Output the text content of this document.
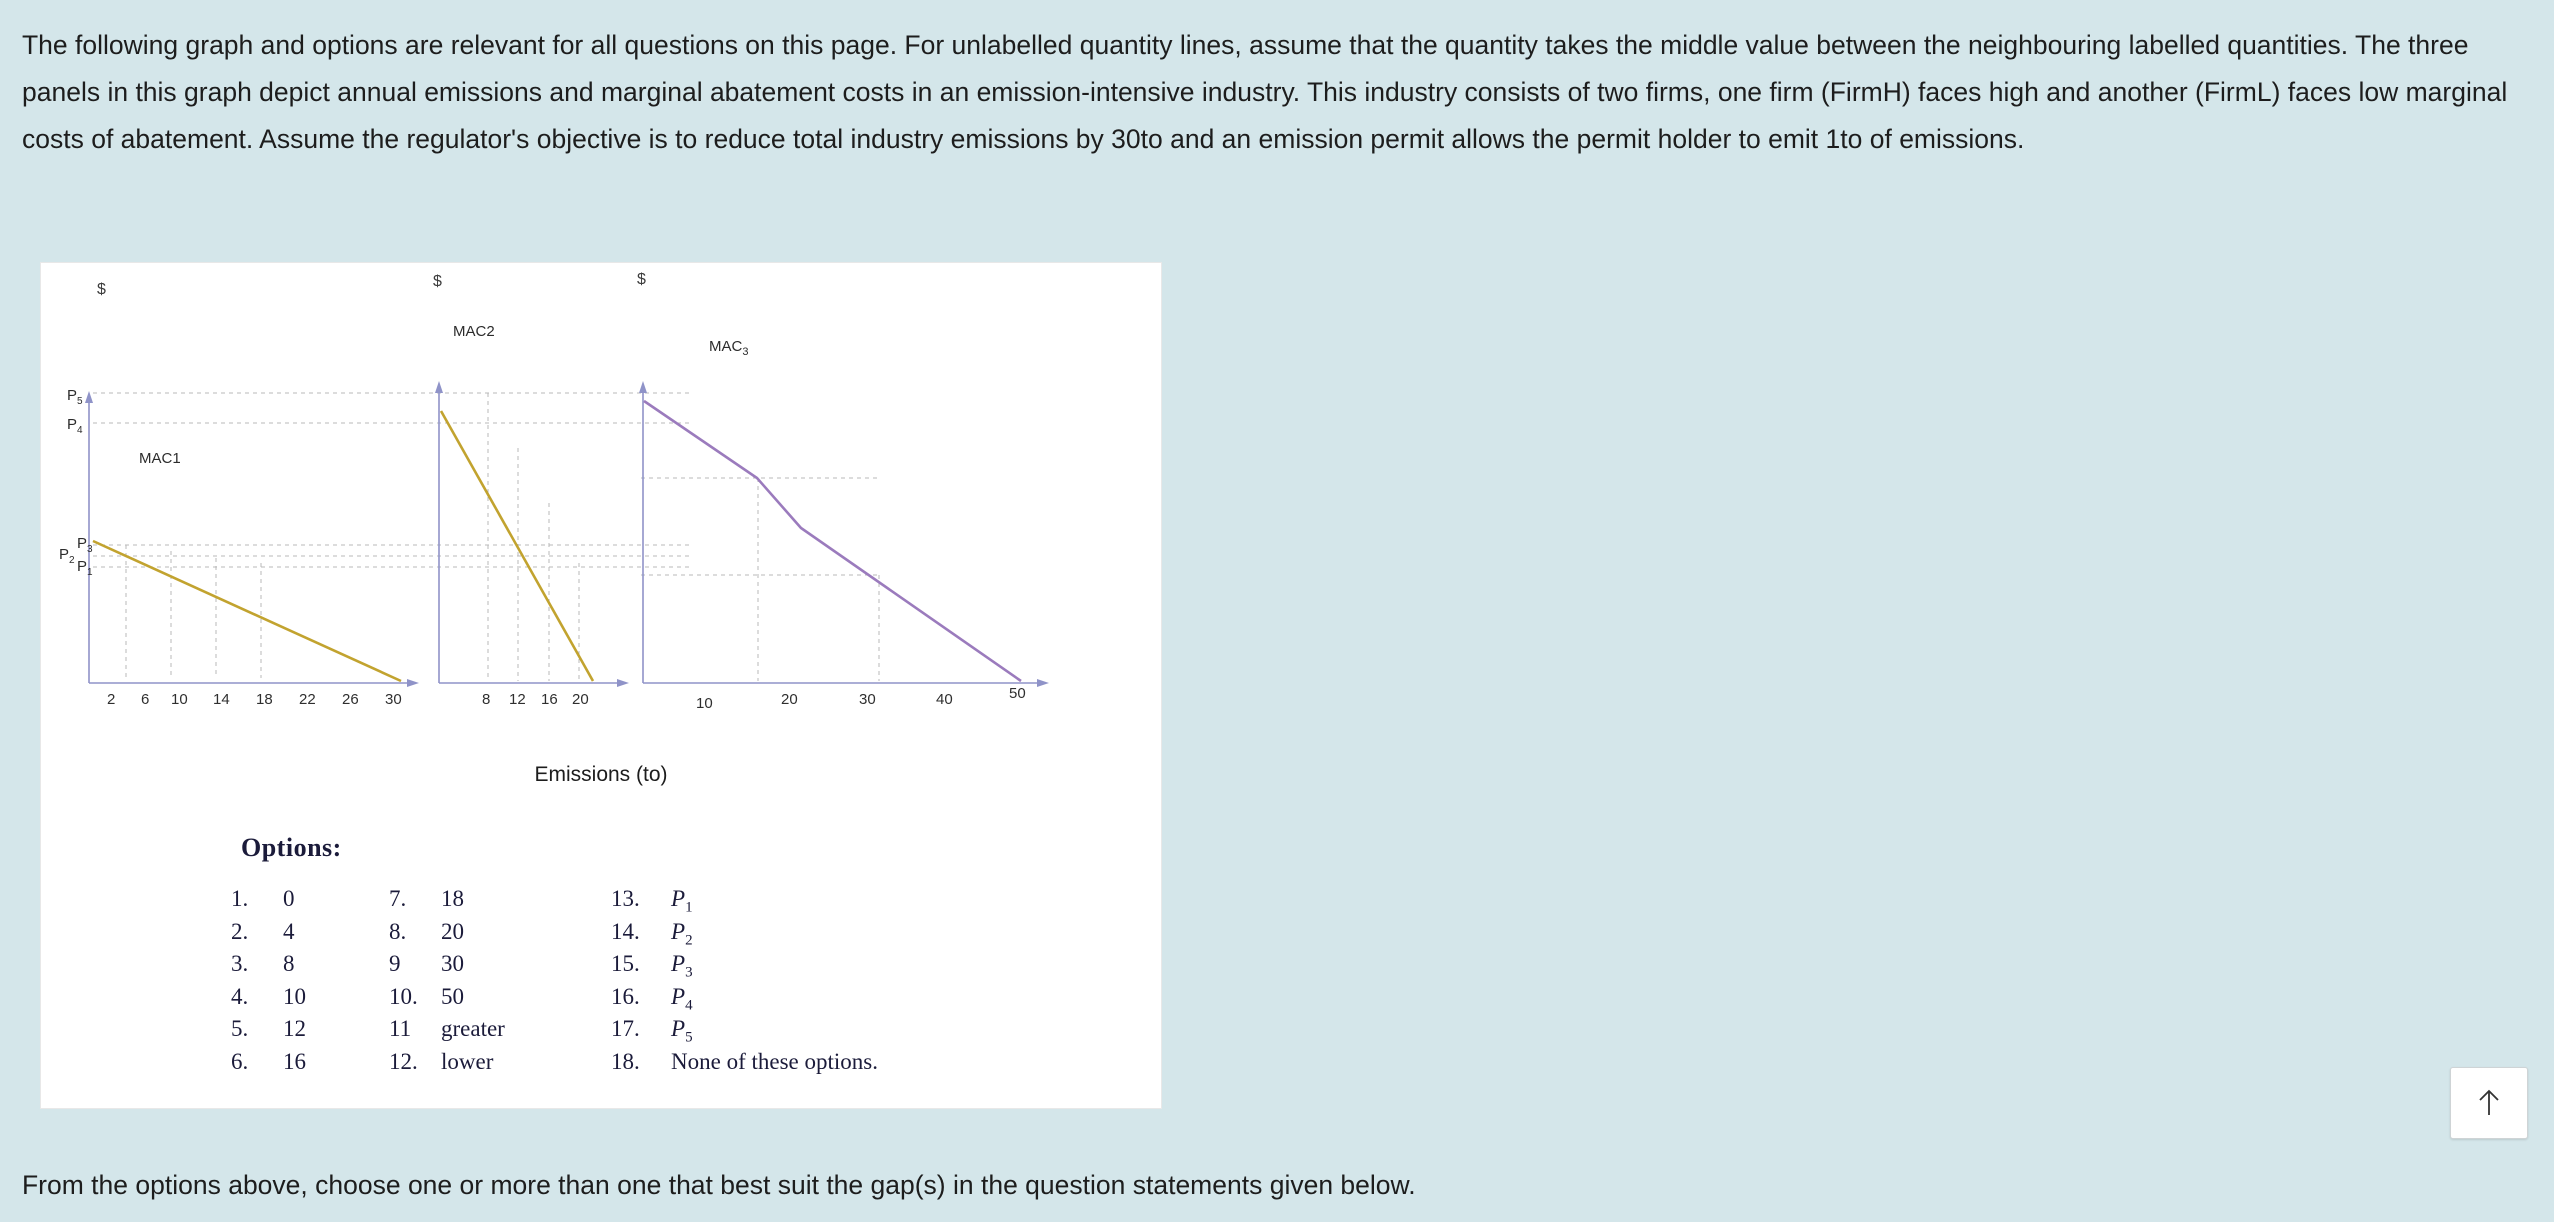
The following graph and options are relevant for all questions on this page. For unlabelled quantity lines, assume that the quantity takes the middle value between the neighbouring labelled quantities. The three panels in this graph depict annual emissions and marginal abatement costs in an emission-intensive industry. This industry consists of two firms, one firm (FirmH) faces high and another (FirmL) faces low marginal costs of abatement. Assume the regulator's objective is to reduce total industry emissions by 30to and an emission permit allows the permit holder to emit 1to of emissions.
$	$	$
MAC1
MAC2
$MAC_3$
$P_5$
$P_4$
$P_3$
$P_2$ $P_1$
2 6 10 14 18 22 26 30	8 12 16 20	10	20	30	40	50
Emissions (to)
Options:
1. 0
2. 4
3. 8
4. 10
5. 12
6. 16
7. 18
8. 20
9 30
10. 50
11 greater
12. lower
13. $P_1$
14. $P_2$
15. $P_3$
16. $P_4$
17. $P_5$
18. None of these options.
From the options above, choose one or more than one that best suit the gap(s) in the question statements given below.
